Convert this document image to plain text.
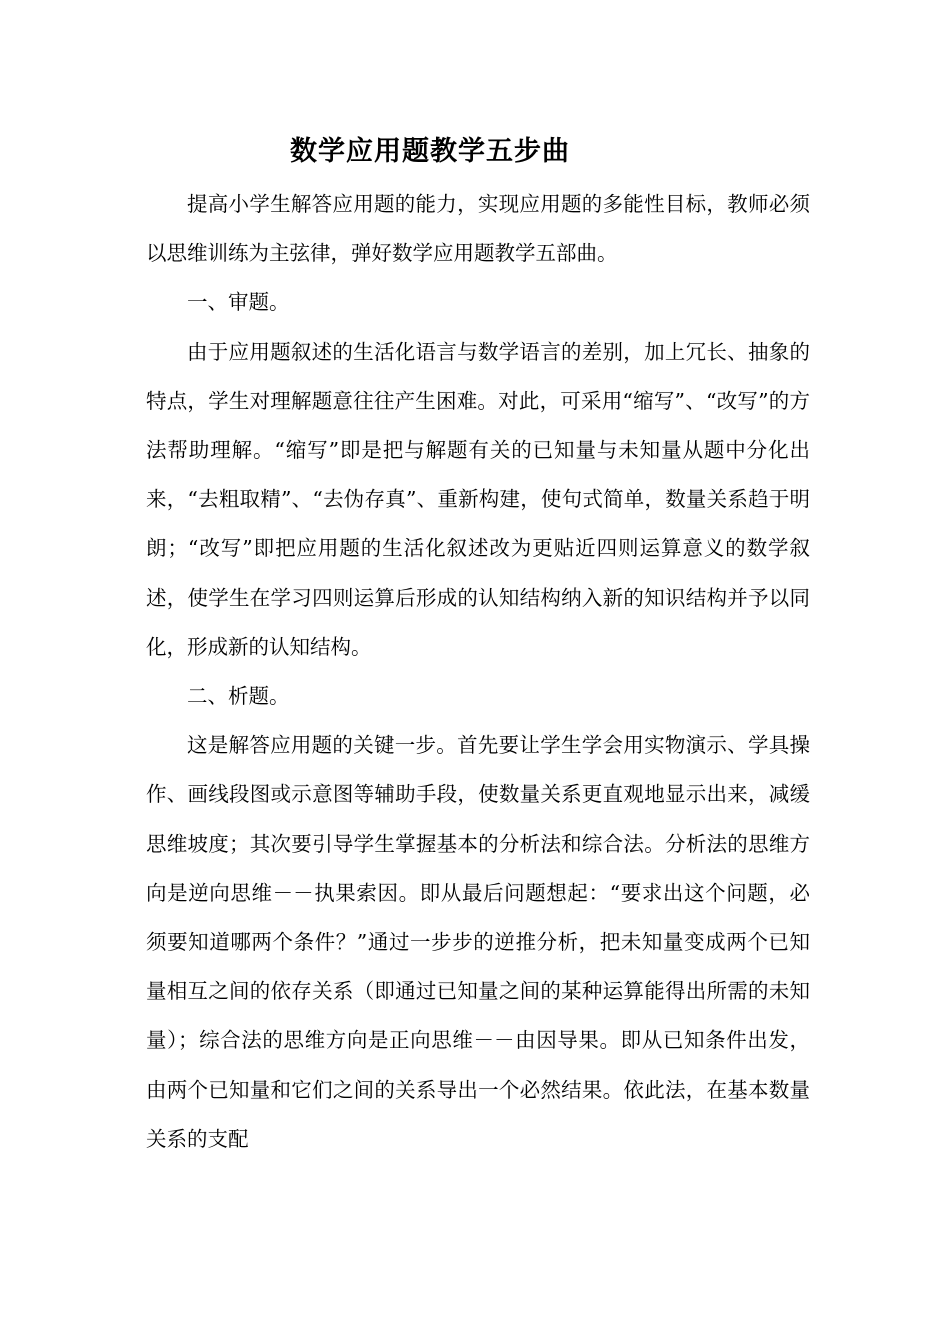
数学应用题教学五步曲

提高小学生解答应用题的能力，实现应用题的多能性目标，教师必须以思维训练为主弦律，弹好数学应用题教学五部曲。

一、审题。

由于应用题叙述的生活化语言与数学语言的差别，加上冗长、抽象的特点，学生对理解题意往往产生困难。对此，可采用“缩写”、“改写”的方法帮助理解。“缩写”即是把与解题有关的已知量与未知量从题中分化出来，“去粗取精”、“去伪存真”、重新构建，使句式简单，数量关系趋于明朗；“改写”即把应用题的生活化叙述改为更贴近四则运算意义的数学叙述，使学生在学习四则运算后形成的认知结构纳入新的知识结构并予以同化，形成新的认知结构。

二、析题。

这是解答应用题的关键一步。首先要让学生学会用实物演示、学具操作、画线段图或示意图等辅助手段，使数量关系更直观地显示出来，减缓思维坡度；其次要引导学生掌握基本的分析法和综合法。分析法的思维方向是逆向思维－－执果索因。即从最后问题想起：“要求出这个问题，必须要知道哪两个条件？”通过一步步的逆推分析，把未知量变成两个已知量相互之间的依存关系（即通过已知量之间的某种运算能得出所需的未知量）；综合法的思维方向是正向思维－－由因导果。即从已知条件出发，由两个已知量和它们之间的关系导出一个必然结果。依此法，在基本数量关系的支配
